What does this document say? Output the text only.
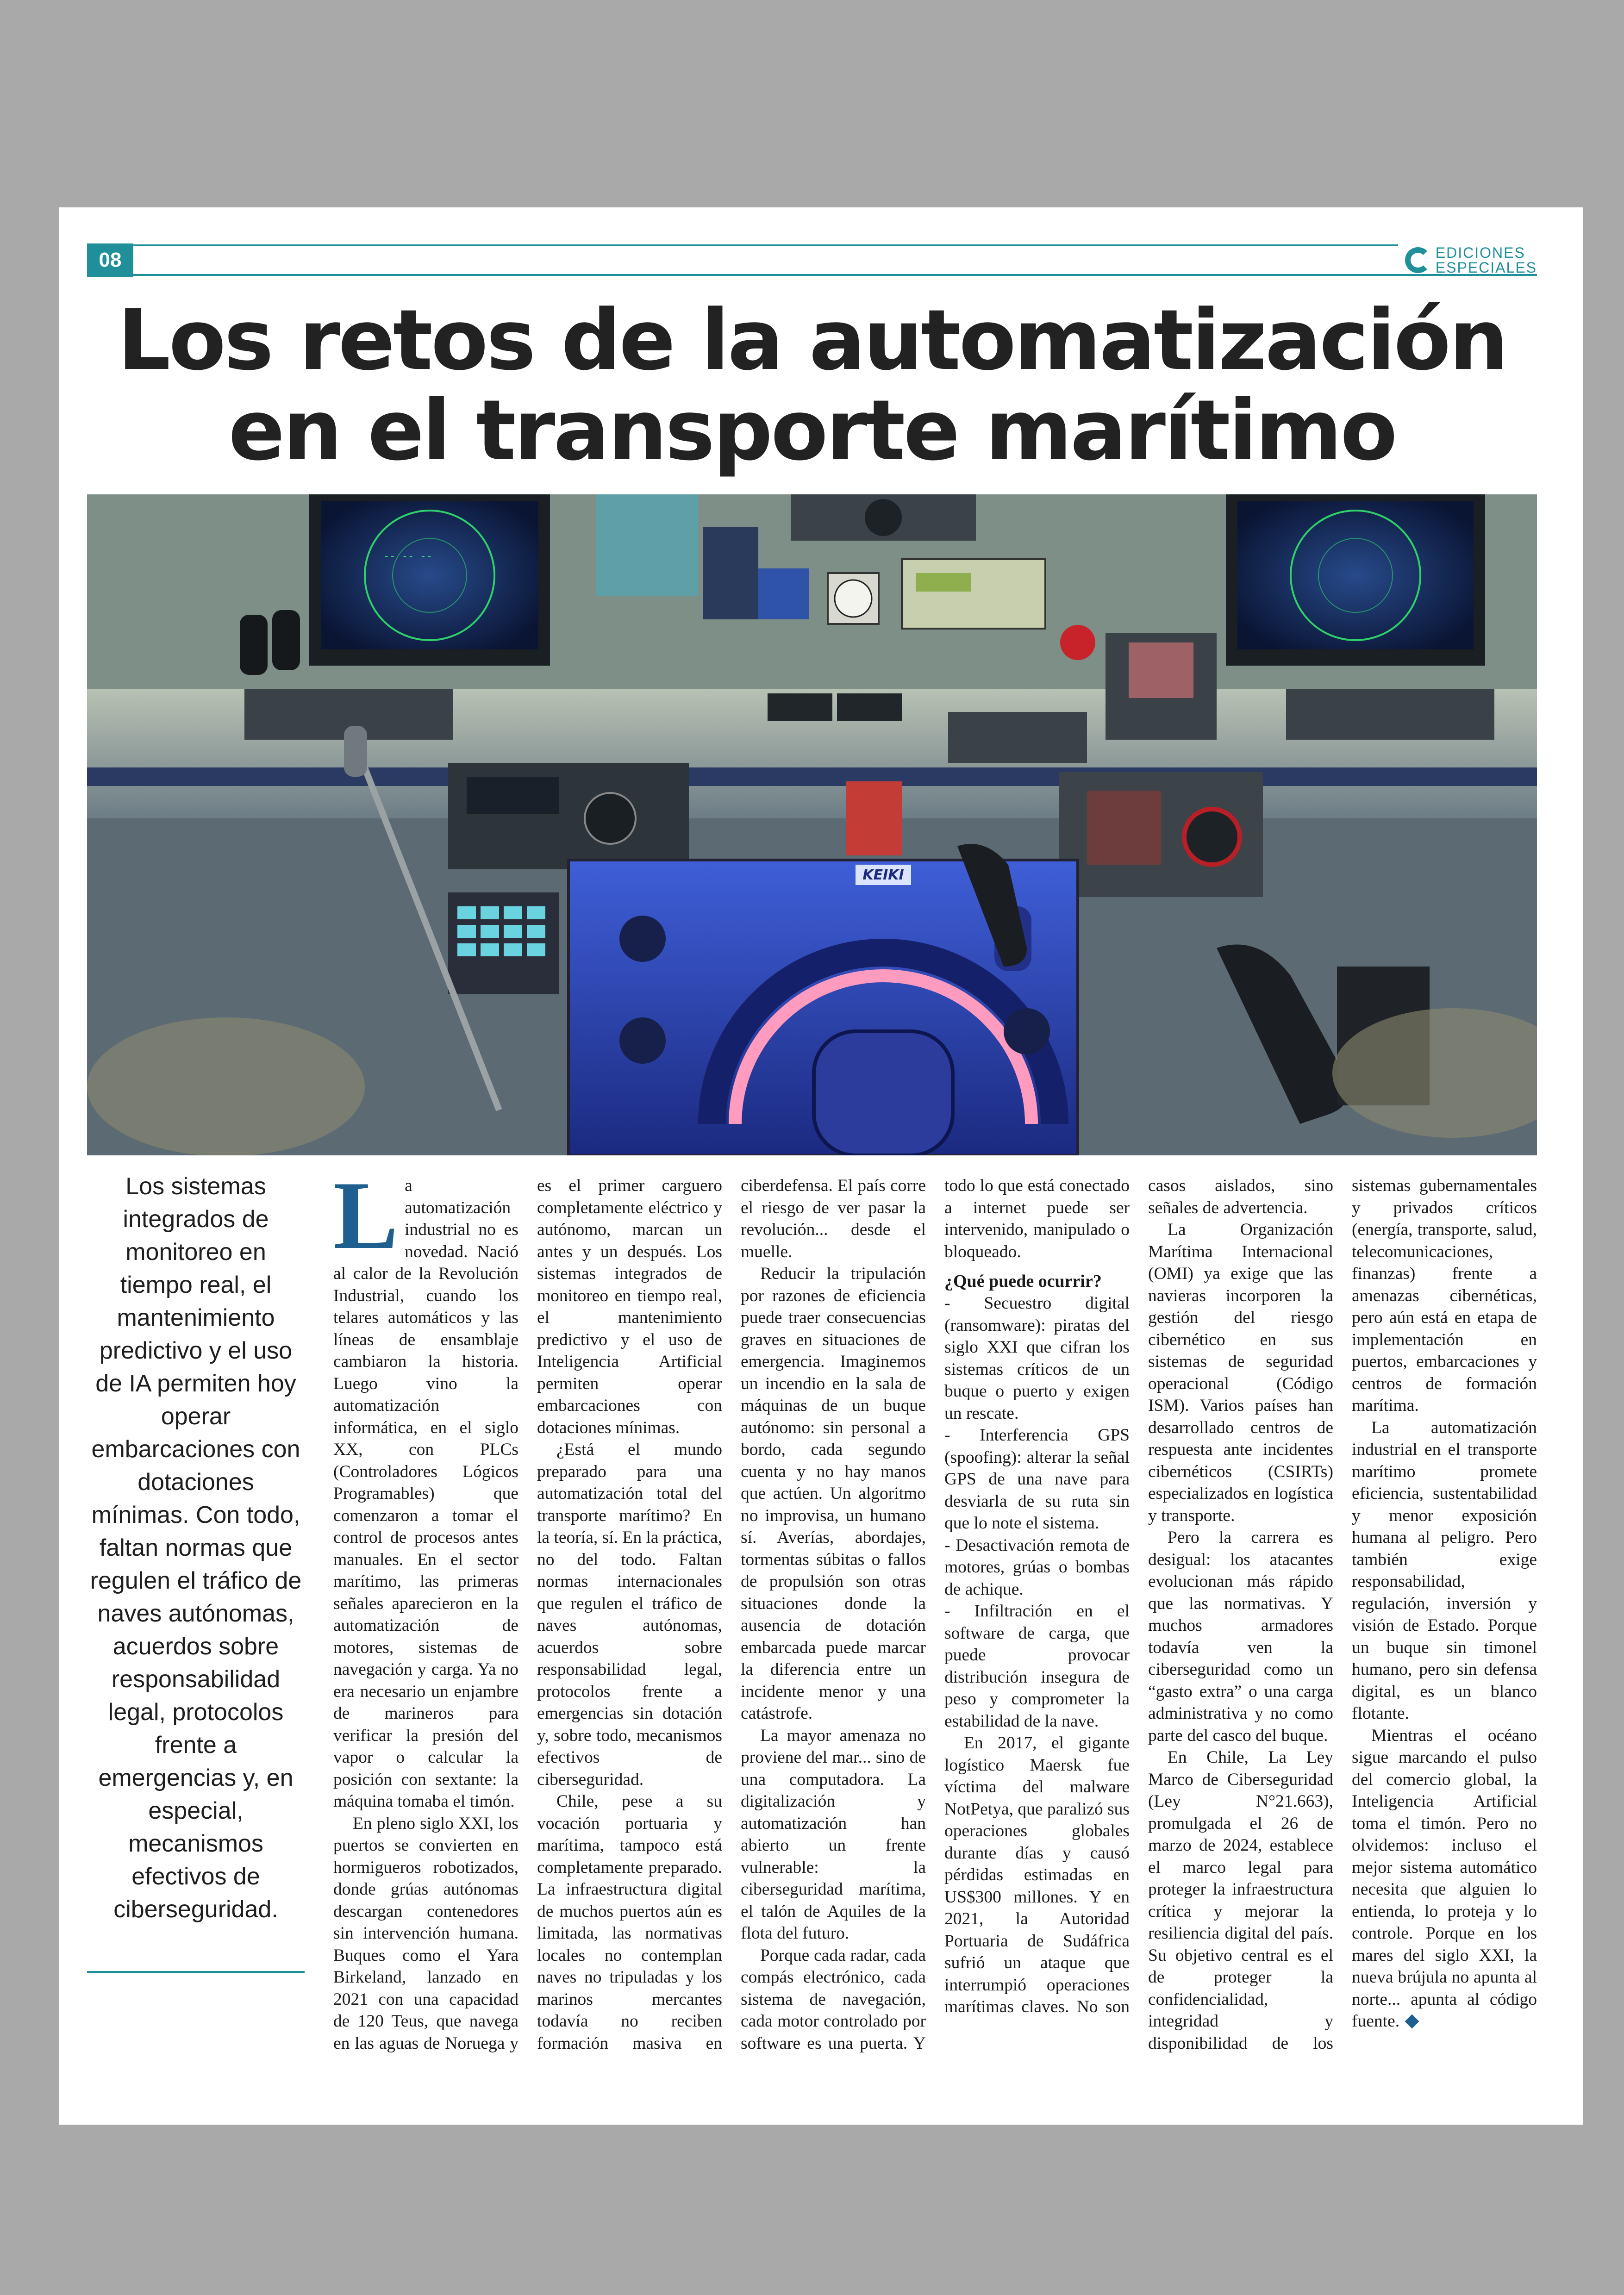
08	EDICIONES
ESPECIALES
Los retos de la automatización
en el transporte marítimo
-- -- --
KEIKI
Los sistemas integrados de monitoreo en tiempo real, el mantenimiento predictivo y el uso de IA permiten hoy operar embarcaciones con dotaciones mínimas. Con todo, faltan normas que regulen el tráfico de naves autónomas, acuerdos sobre responsabilidad legal, protocolos frente a emergencias y, en especial, mecanismos efectivos de ciberseguridad.

La automatización industrial no es novedad. Nació al calor de la Revolución Industrial, cuando los telares automáticos y las líneas de ensamblaje cambiaron la historia. Luego vino la automatización informática, en el siglo XX, con PLCs (Controladores Lógicos Programables) que comenzaron a tomar el control de procesos antes manuales. En el sector marítimo, las primeras señales aparecieron en la automatización de motores, sistemas de navegación y carga. Ya no era necesario un enjambre de marineros para verificar la presión del vapor o calcular la posición con sextante: la máquina tomaba el timón.

En pleno siglo XXI, los puertos se convierten en hormigueros robotizados, donde grúas autónomas descargan contenedores sin intervención humana. Buques como el Yara Birkeland, lanzado en 2021 con una capacidad de 120 Teus, que navega en las aguas de Noruega y es el primer carguero completamente eléctrico y autónomo, marcan un antes y un después. Los sistemas integrados de monitoreo en tiempo real, el mantenimiento predictivo y el uso de Inteligencia Artificial permiten operar embarcaciones con dotaciones mínimas.

¿Está el mundo preparado para una automatización total del transporte marítimo? En la teoría, sí. En la práctica, no del todo. Faltan normas internacionales que regulen el tráfico de naves autónomas, acuerdos sobre responsabilidad legal, protocolos frente a emergencias sin dotación y, sobre todo, mecanismos efectivos de ciberseguridad.

Chile, pese a su vocación portuaria y marítima, tampoco está completamente preparado. La infraestructura digital de muchos puertos aún es limitada, las normativas locales no contemplan naves no tripuladas y los marinos mercantes todavía no reciben formación masiva en ciberdefensa. El país corre el riesgo de ver pasar la revolución... desde el muelle.

Reducir la tripulación por razones de eficiencia puede traer consecuencias graves en situaciones de emergencia. Imaginemos un incendio en la sala de máquinas de un buque autónomo: sin personal a bordo, cada segundo cuenta y no hay manos que actúen. Un algoritmo no improvisa, un humano sí. Averías, abordajes, tormentas súbitas o fallos de propulsión son otras situaciones donde la ausencia de dotación embarcada puede marcar la diferencia entre un incidente menor y una catástrofe.

La mayor amenaza no proviene del mar... sino de una computadora. La digitalización y automatización han abierto un frente vulnerable: la ciberseguridad marítima, el talón de Aquiles de la flota del futuro.

Porque cada radar, cada compás electrónico, cada sistema de navegación, cada motor controlado por software es una puerta. Y todo lo que está conectado a internet puede ser intervenido, manipulado o bloqueado.

¿Qué puede ocurrir?

- Secuestro digital (ransomware): piratas del siglo XXI que cifran los sistemas críticos de un buque o puerto y exigen un rescate.

- Interferencia GPS (spoofing): alterar la señal GPS de una nave para desviarla de su ruta sin que lo note el sistema.

- Desactivación remota de motores, grúas o bombas de achique.

- Infiltración en el software de carga, que puede provocar distribución insegura de peso y comprometer la estabilidad de la nave.

En 2017, el gigante logístico Maersk fue víctima del malware NotPetya, que paralizó sus operaciones globales durante días y causó pérdidas estimadas en US$300 millones. Y en 2021, la Autoridad Portuaria de Sudáfrica sufrió un ataque que interrumpió operaciones marítimas claves. No son casos aislados, sino señales de advertencia.

La Organización Marítima Internacional (OMI) ya exige que las navieras incorporen la gestión del riesgo cibernético en sus sistemas de seguridad operacional (Código ISM). Varios países han desarrollado centros de respuesta ante incidentes cibernéticos (CSIRTs) especializados en logística y transporte.

Pero la carrera es desigual: los atacantes evolucionan más rápido que las normativas. Y muchos armadores todavía ven la ciberseguridad como un “gasto extra” o una carga administrativa y no como parte del casco del buque.

En Chile, La Ley Marco de Ciberseguridad (Ley N°21.663), promulgada el 26 de marzo de 2024, establece el marco legal para proteger la infraestructura crítica y mejorar la resiliencia digital del país. Su objetivo central es el de proteger la confidencialidad, integridad y disponibilidad de los sistemas gubernamentales y privados críticos (energía, transporte, salud, telecomunicaciones, finanzas) frente a amenazas cibernéticas, pero aún está en etapa de implementación en puertos, embarcaciones y centros de formación marítima.

La automatización industrial en el transporte marítimo promete eficiencia, sustentabilidad y menor exposición humana al peligro. Pero también exige responsabilidad, regulación, inversión y visión de Estado. Porque un buque sin timonel humano, pero sin defensa digital, es un blanco flotante.

Mientras el océano sigue marcando el pulso del comercio global, la Inteligencia Artificial toma el timón. Pero no olvidemos: incluso el mejor sistema automático necesita que alguien lo entienda, lo proteja y lo controle. Porque en los mares del siglo XXI, la nueva brújula no apunta al norte... apunta al código fuente.
